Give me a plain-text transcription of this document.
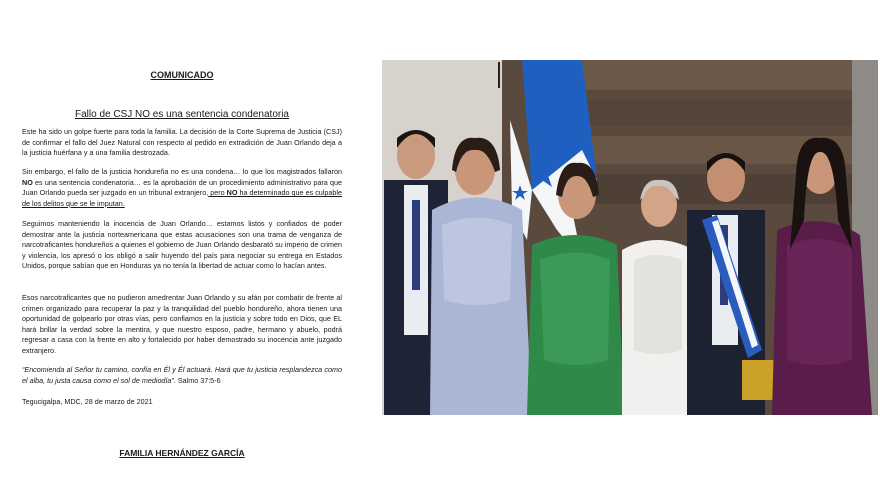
COMUNICADO
Fallo de CSJ NO es una sentencia condenatoria

Este ha sido un golpe fuerte para toda la familia. La decisión de la Corte Suprema de Justicia (CSJ) de confirmar el fallo del Juez Natural con respecto al pedido en extradición de Juan Orlando deja a la justicia huérfana y a una familia destrozada.

Sin embargo, el fallo de la justicia hondureña no es una condena… lo que los magistrados fallaron NO es una sentencia condenatoria… es la aprobación de un procedimiento administrativo para que Juan Orlando pueda ser juzgado en un tribunal extranjero, pero NO ha determinado que es culpable de los delitos que se le imputan.

Seguimos manteniendo la inocencia de Juan Orlando… estamos listos y confiados de poder demostrar ante la justicia norteamericana que estas acusaciones son una trama de venganza de narcotraficantes hondureños a quienes el gobierno de Juan Orlando desbarató su imperio de crimen y violencia, los apresó o los obligó a salir huyendo del país para negociar su entrega en Estados Unidos, porque sabían que en Honduras ya no tenía la libertad de actuar como lo hacían antes.

Esos narcotraficantes que no pudieron amedrentar Juan Orlando y su afán por combatir de frente al crimen organizado para recuperar la paz y la tranquilidad del pueblo hondureño, ahora tienen una oportunidad de golpearlo por otras vías, pero confiamos en la justicia y sobre todo en Dios, que EL hará brillar la verdad sobre la mentira, y que nuestro esposo, padre, hermano y abuelo, podrá regresar a casa con la frente en alto y fortalecido por haber demostrado su inocencia ante juzgado extranjero.

“Encomienda al Señor tu camino, confía en Él y Él actuará. Hará que tu justicia resplandezca como el alba, tu justa causa como el sol de mediodía”. Salmo 37:5-6

Tegucigalpa, MDC, 28 de marzo de 2021

FAMILIA HERNÁNDEZ GARCÍA
